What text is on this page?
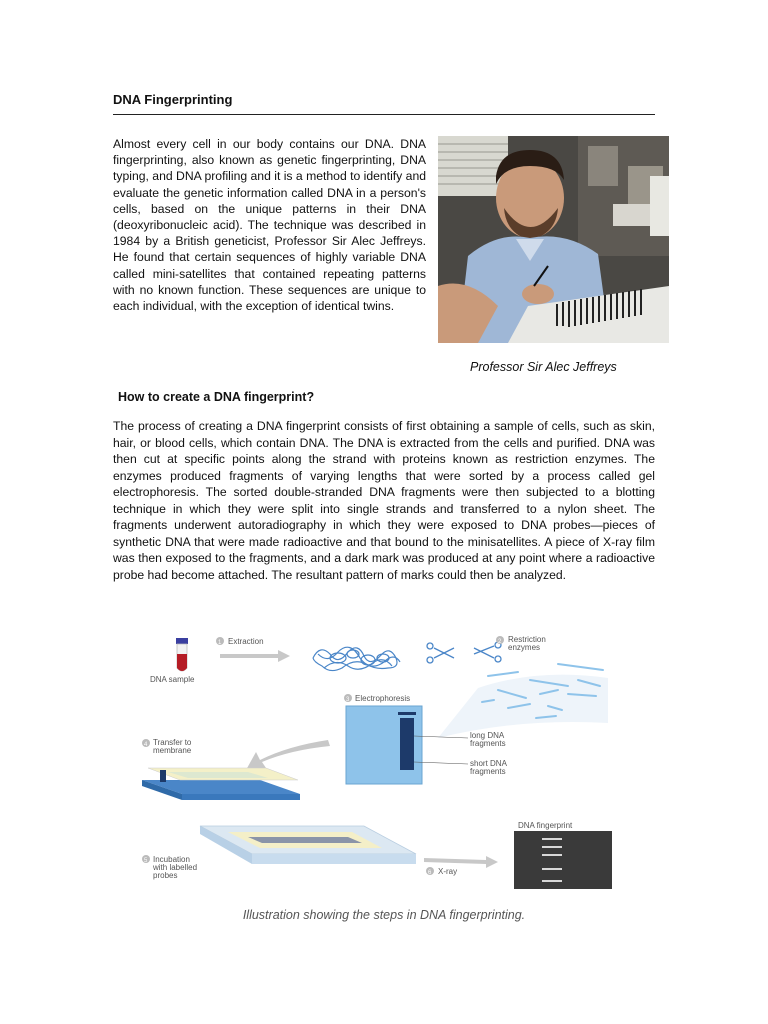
DNA Fingerprinting

Almost every cell in our body contains our DNA. DNA fingerprinting, also known as genetic fingerprinting, DNA typing, and DNA profiling and it is a method to identify and evaluate the genetic information called DNA in a person's cells, based on the unique patterns in their DNA (deoxyribonucleic acid). The technique was described in 1984 by a British geneticist, Professor Sir Alec Jeffreys. He found that certain sequences of highly variable DNA called mini-satellites that contained repeating patterns with no known function. These sequences are unique to each individual, with the exception of identical twins.

Professor Sir Alec Jeffreys
How to create a DNA fingerprint?

The process of creating a DNA fingerprint consists of first obtaining a sample of cells, such as skin, hair, or blood cells, which contain DNA. The DNA is extracted from the cells and purified. DNA was then cut at specific points along the strand with proteins known as restriction enzymes. The enzymes produced fragments of varying lengths that were sorted by a process called gel electrophoresis. The sorted double-stranded DNA fragments were then subjected to a blotting technique in which they were split into single strands and transferred to a nylon sheet. The fragments underwent autoradiography in which they were exposed to DNA probes—pieces of synthetic DNA that were made radioactive and that bound to the minisatellites. A piece of X-ray film was then exposed to the fragments, and a dark mark was produced at any point where a radioactive probe had become attached. The resultant pattern of marks could then be analyzed.

DNA sample
1 Extraction	2 Restriction
enzymes
3 Electrophoresis
long DNA
fragments
short DNA
fragments
4 Transfer to
membrane
5 Incubation
with labelled
probes	6 X-ray
DNA fingerprint
Illustration showing the steps in DNA fingerprinting.
